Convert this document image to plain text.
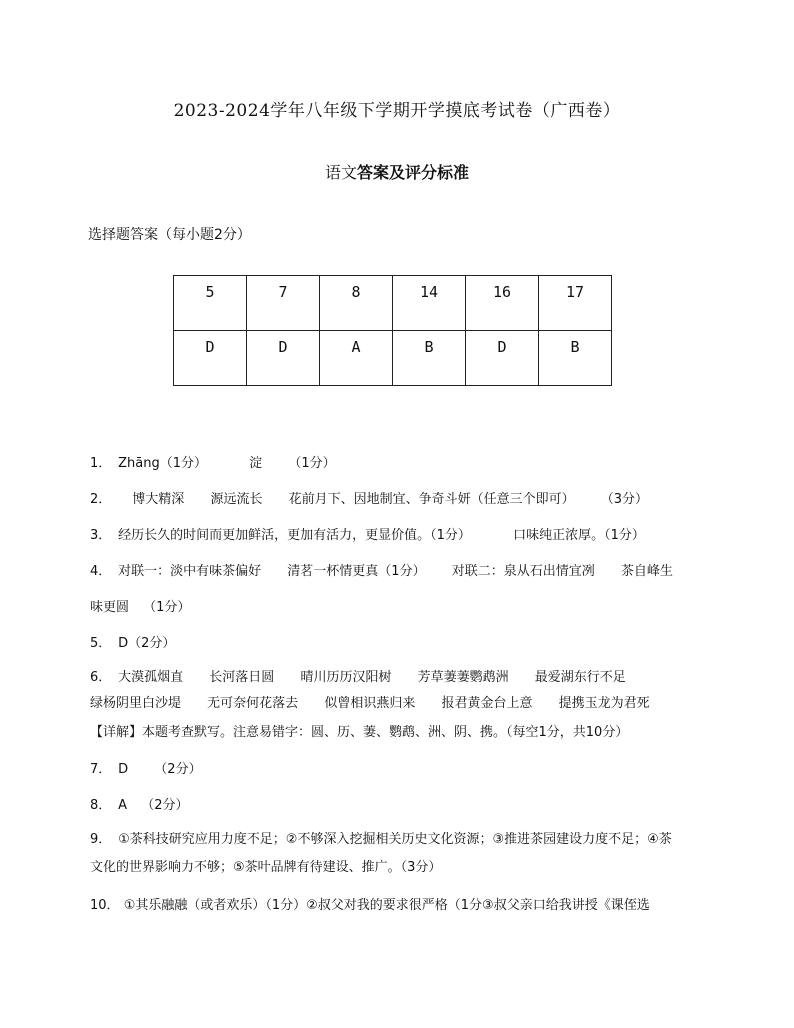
2023-2024学年八年级下学期开学摸底考试卷（广西卷）
语文答案及评分标准
选择题答案（每小题2分）
5	7	8	14	16	17
D	D	A	B	D	B
1． Zhāng（1分）	淀 （1分）
2． 博大精深 源远流长 花前月下、因地制宜、争奇斗妍（任意三个即可） （3分）
3． 经历长久的时间而更加鲜活，更加有活力，更显价值。（1分）	口味纯正浓厚。（1分）
4． 对联一：淡中有味茶偏好 清茗一杯情更真（1分） 对联二：泉从石出情宜冽 茶自峰生
味更圆 （1分）
5． D（2分）
6． 大漠孤烟直 长河落日圆 晴川历历汉阳树 芳草萋萋鹦鹉洲 最爱湖东行不足
绿杨阴里白沙堤 无可奈何花落去 似曾相识燕归来 报君黄金台上意 提携玉龙为君死
【详解】本题考查默写。注意易错字：圆、历、萋、鹦鹉、洲、阴、携。（每空1分，共10分）
7． D （2分）
8． A （2分）
9． ①茶科技研究应用力度不足；②不够深入挖掘相关历史文化资源；③推进茶园建设力度不足；④茶
文化的世界影响力不够；⑤茶叶品牌有待建设、推广。（3分）
10． ①其乐融融（或者欢乐）（1分）②叔父对我的要求很严格（1分③叔父亲口给我讲授《课侄选
